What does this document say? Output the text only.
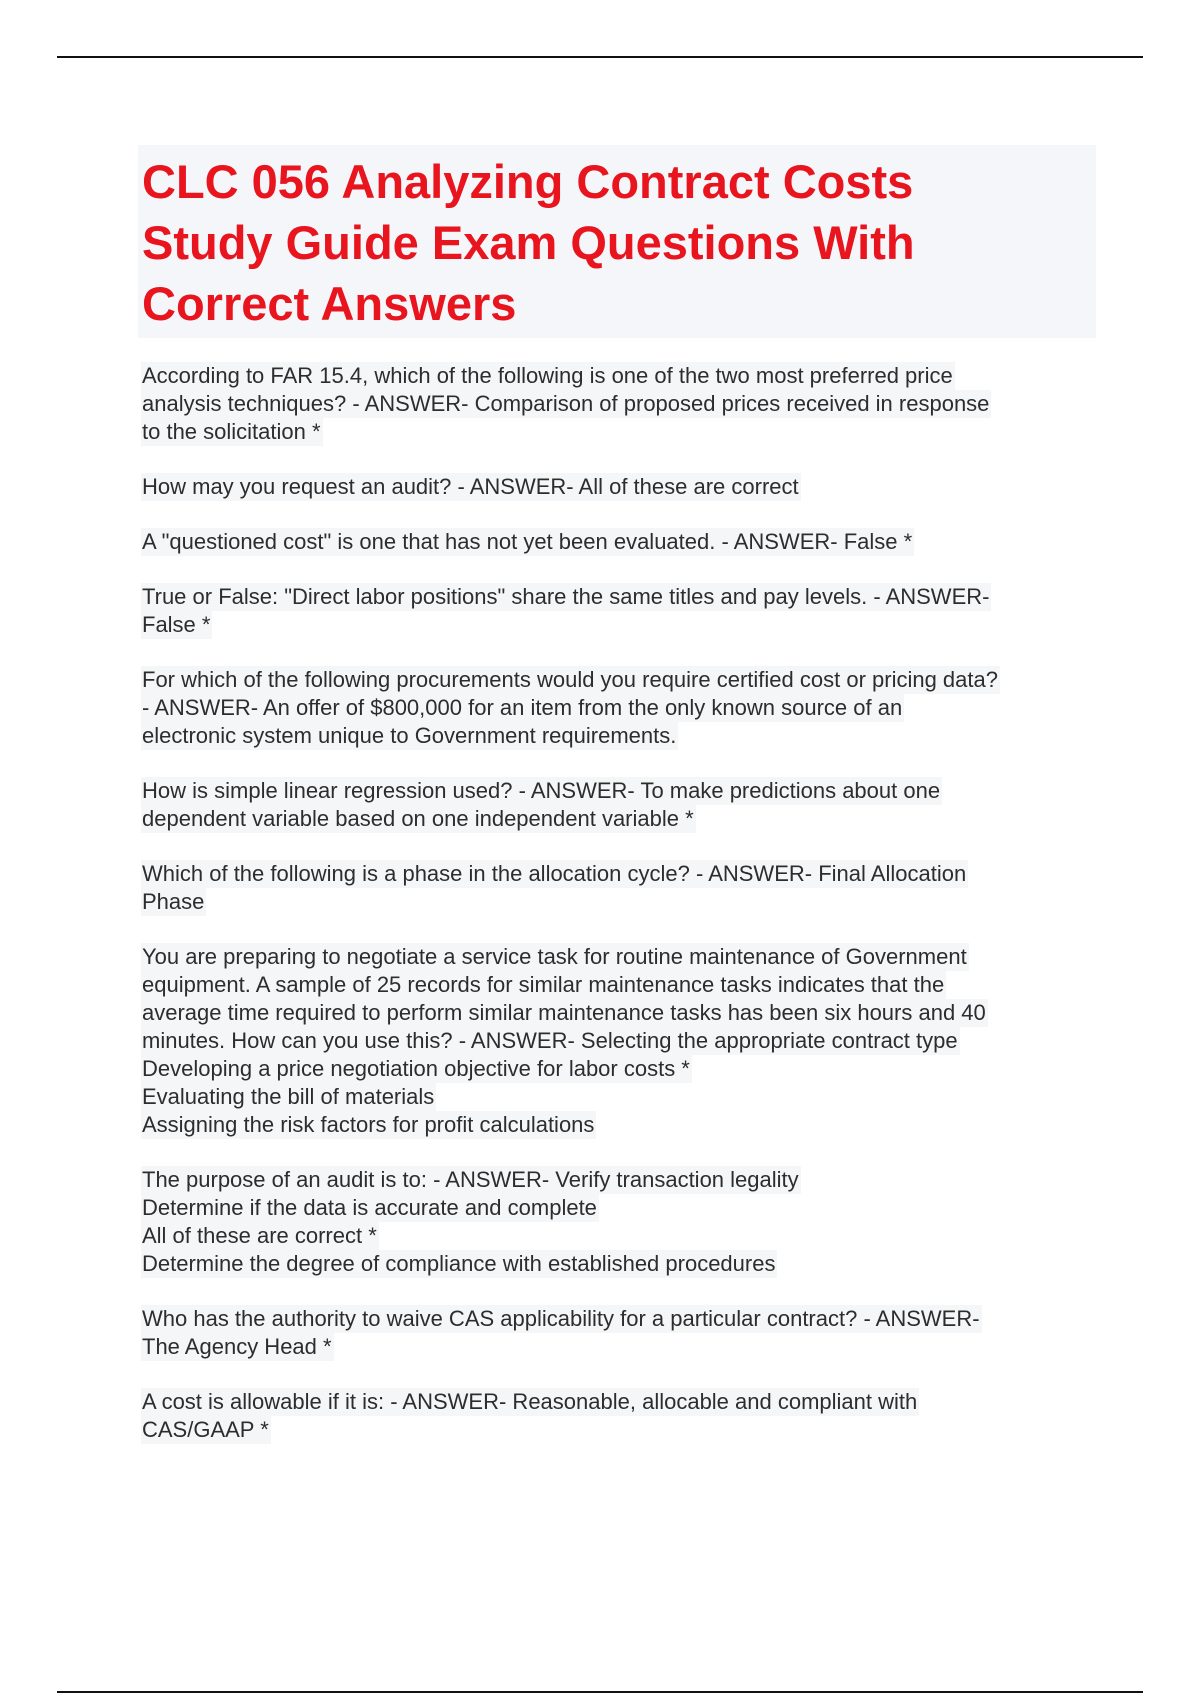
CLC 056 Analyzing Contract Costs
Study Guide Exam Questions With
Correct Answers
According to FAR 15.4, which of the following is one of the two most preferred price
analysis techniques? - ANSWER- Comparison of proposed prices received in response
to the solicitation *
How may you request an audit? - ANSWER- All of these are correct
A "questioned cost" is one that has not yet been evaluated. - ANSWER- False *
True or False: "Direct labor positions" share the same titles and pay levels. - ANSWER-
False *
For which of the following procurements would you require certified cost or pricing data?
- ANSWER- An offer of $800,000 for an item from the only known source of an
electronic system unique to Government requirements.
How is simple linear regression used? - ANSWER- To make predictions about one
dependent variable based on one independent variable *
Which of the following is a phase in the allocation cycle? - ANSWER- Final Allocation
Phase
You are preparing to negotiate a service task for routine maintenance of Government
equipment. A sample of 25 records for similar maintenance tasks indicates that the
average time required to perform similar maintenance tasks has been six hours and 40
minutes. How can you use this? - ANSWER- Selecting the appropriate contract type
Developing a price negotiation objective for labor costs *
Evaluating the bill of materials
Assigning the risk factors for profit calculations
The purpose of an audit is to: - ANSWER- Verify transaction legality
Determine if the data is accurate and complete
All of these are correct *
Determine the degree of compliance with established procedures
Who has the authority to waive CAS applicability for a particular contract? - ANSWER-
The Agency Head *
A cost is allowable if it is: - ANSWER- Reasonable, allocable and compliant with
CAS/GAAP *
